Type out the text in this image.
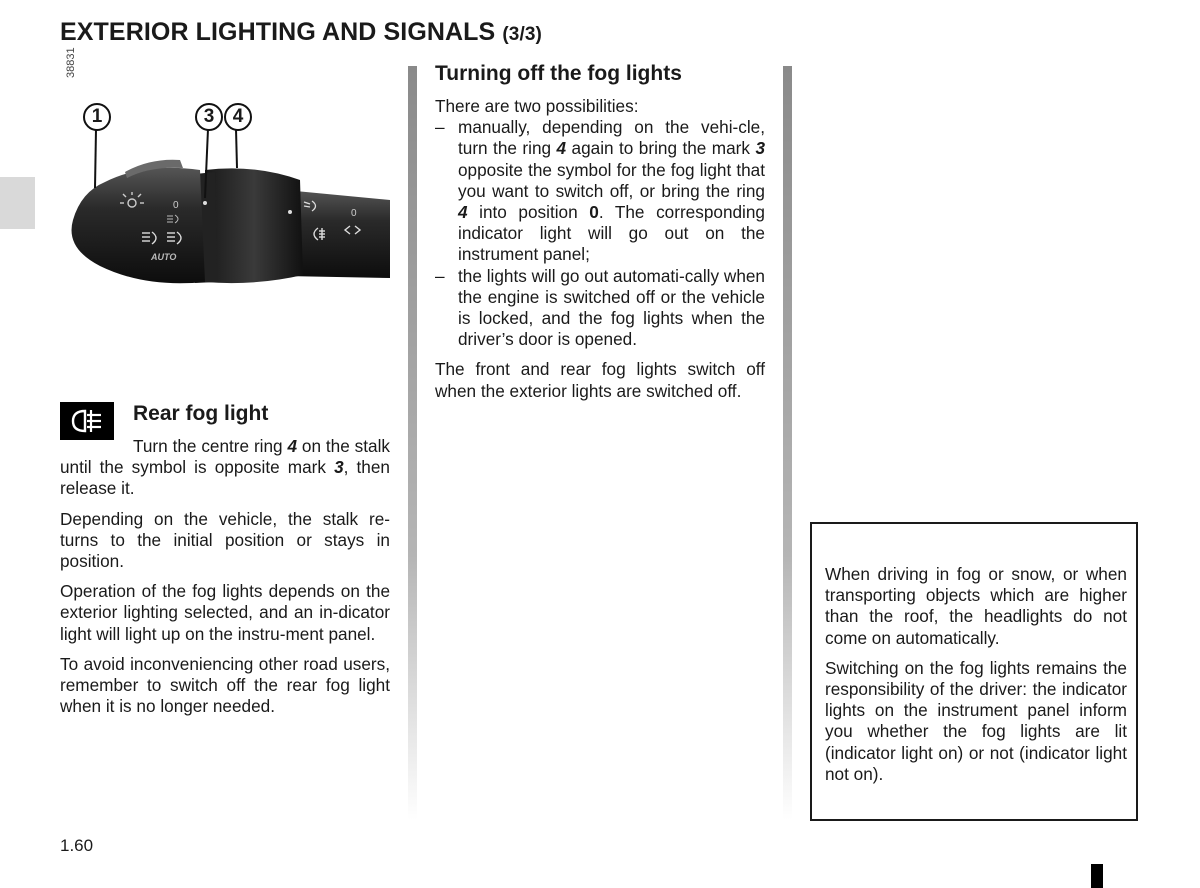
EXTERIOR LIGHTING AND SIGNALS (3/3)
38831
0
AUTO
0
1	3 4
Rear fog light

Turn the centre ring 4 on the stalk until the symbol is opposite mark 3, then release it.

Depending on the vehicle, the stalk re-turns to the initial position or stays in position.

Operation of the fog lights depends on the exterior lighting selected, and an in-dicator light will light up on the instru-ment panel.

To avoid inconveniencing other road users, remember to switch off the rear fog light when it is no longer needed.

Turning off the fog lights

There are two possibilities:

– manually, depending on the vehi-cle, turn the ring 4 again to bring the mark 3 opposite the symbol for the fog light that you want to switch off, or bring the ring 4 into position 0. The corresponding indicator light will go out on the instrument panel;
– the lights will go out automati-cally when the engine is switched off or the vehicle is locked, and the fog lights when the driver’s door is opened.

The front and rear fog lights switch off when the exterior lights are switched off.

When driving in fog or snow, or when transporting objects which are higher than the roof, the headlights do not come on automatically.

Switching on the fog lights remains the responsibility of the driver: the indicator lights on the instrument panel inform you whether the fog lights are lit (indicator light on) or not (indicator light not on).

1.60
